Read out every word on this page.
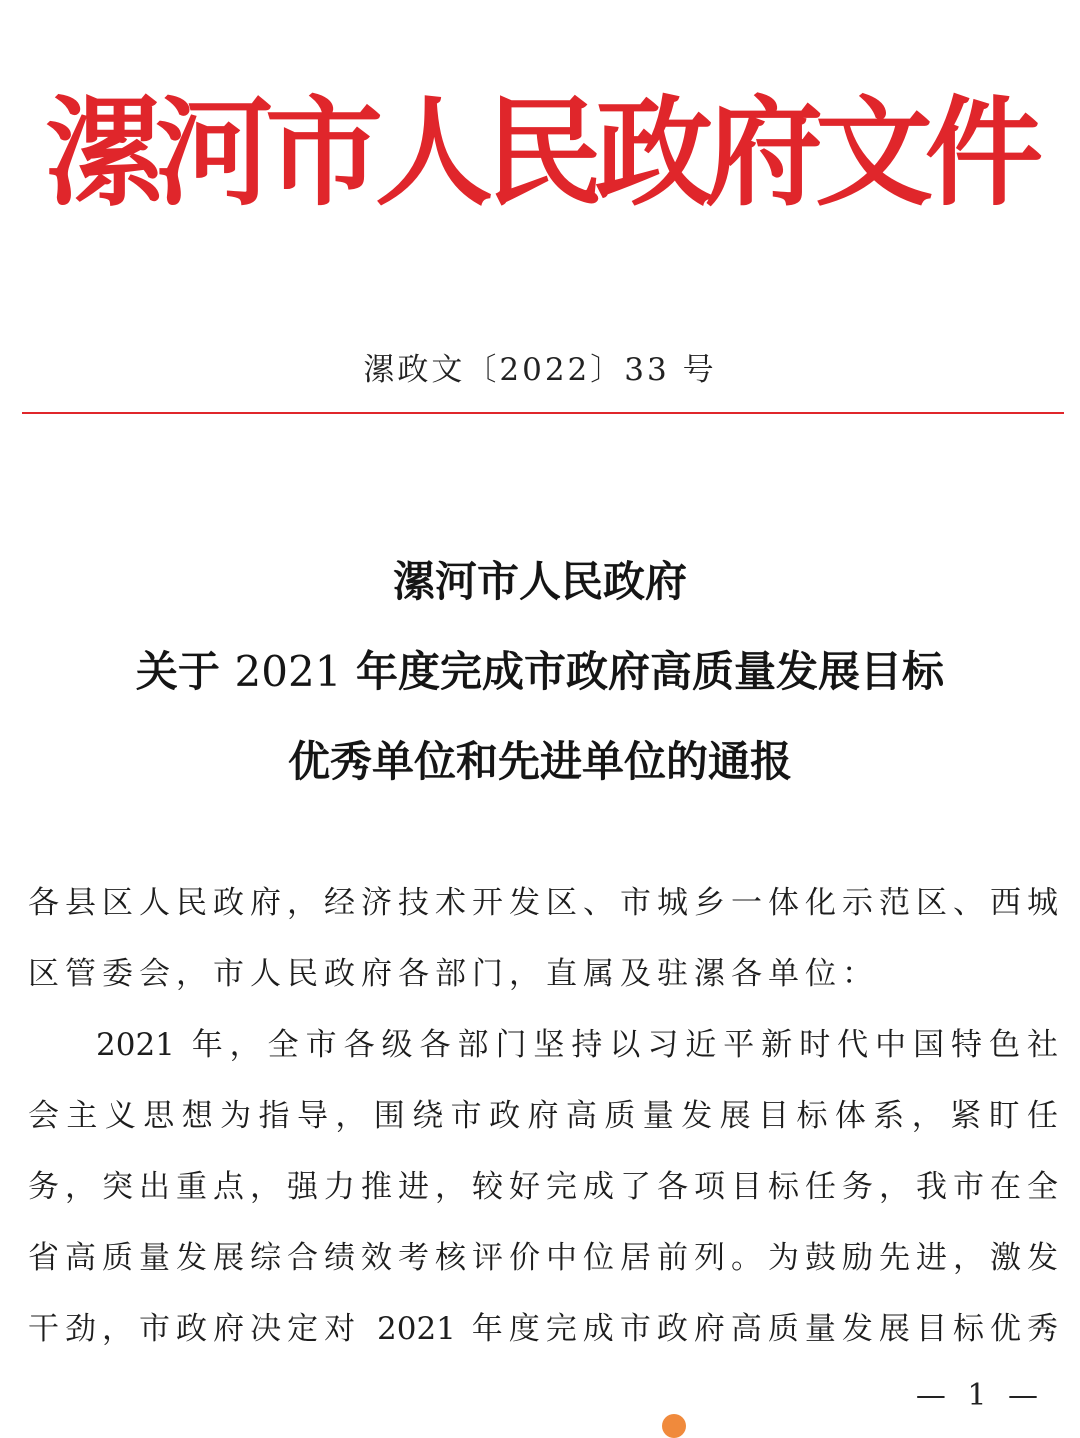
漯河市人民政府文件
漯政文〔2022〕33 号
漯河市人民政府
关于 2021 年度完成市政府高质量发展目标
优秀单位和先进单位的通报
各县区人民政府，经济技术开发区、市城乡一体化示范区、西城
区管委会，市人民政府各部门，直属及驻漯各单位：
2021 年，全市各级各部门坚持以习近平新时代中国特色社
会主义思想为指导，围绕市政府高质量发展目标体系，紧盯任
务，突出重点，强力推进，较好完成了各项目标任务，我市在全
省高质量发展综合绩效考核评价中位居前列。为鼓励先进，激发
干劲，市政府决定对 2021 年度完成市政府高质量发展目标优秀
— 1 —
